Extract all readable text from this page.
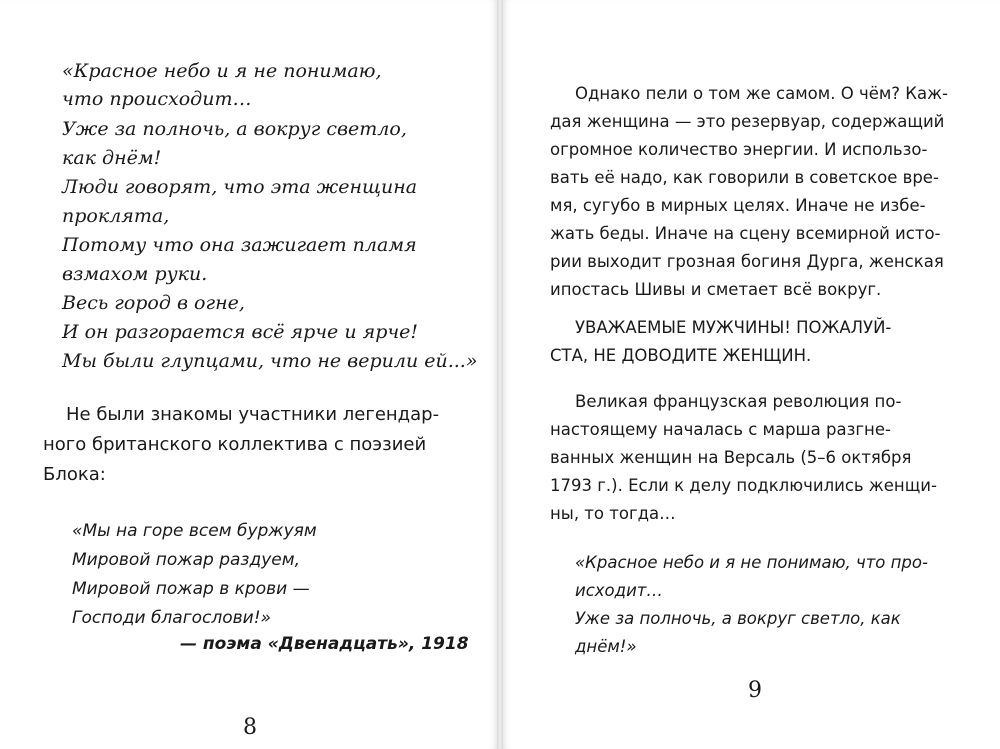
«Красное небо и я не понимаю,
что происходит…
Уже за полночь, а вокруг светло,
как днём!
Люди говорят, что эта женщина
проклята,
Потому что она зажигает пламя
взмахом руки.
Весь город в огне,
И он разгорается всё ярче и ярче!
Мы были глупцами, что не верили ей...»
Не были знакомы участники легендар-
ного британского коллектива с поэзией
Блока:
«Мы на горе всем буржуям
Мировой пожар раздуем,
Мировой пожар в крови —
Господи благослови!»
— поэма «Двенадцать», 1918
8
Однако пели о том же самом. О чём? Каж-
дая женщина — это резервуар, содержащий
огромное количество энергии. И использо-
вать её надо, как говорили в советское вре-
мя, сугубо в мирных целях. Иначе не избе-
жать беды. Иначе на сцену всемирной исто-
рии выходит грозная богиня Дурга, женская
ипостась Шивы и сметает всё вокруг.
УВАЖАЕМЫЕ МУЖЧИНЫ! ПОЖАЛУЙ-
СТА, НЕ ДОВОДИТЕ ЖЕНЩИН.
Великая французская революция по-
настоящему началась с марша разгне-
ванных женщин на Версаль (5–6 октября
1793 г.). Если к делу подключились женщи-
ны, то тогда…
«Красное небо и я не понимаю, что про-
исходит…
Уже за полночь, а вокруг светло, как
днём!»
9
